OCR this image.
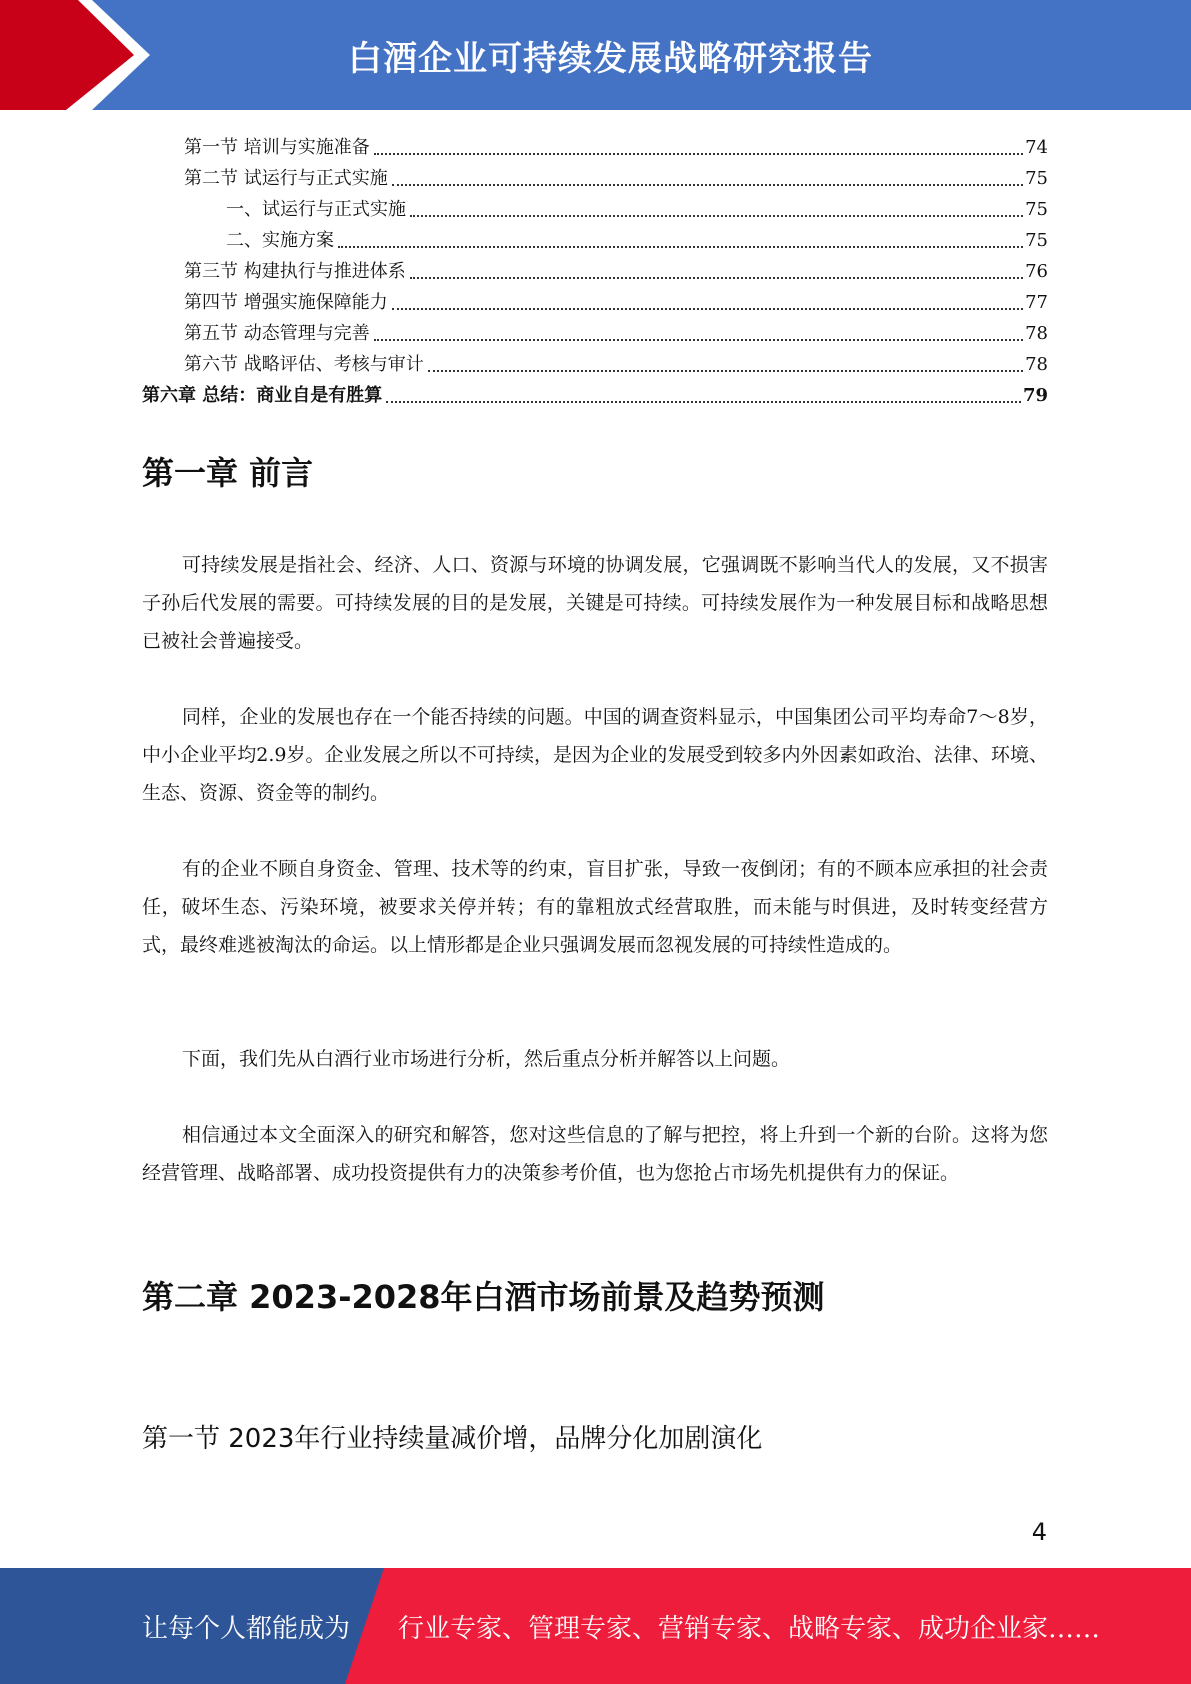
白酒企业可持续发展战略研究报告
第一节 培训与实施准备	74
第二节 试运行与正式实施	75
一、试运行与正式实施	75
二、实施方案	75
第三节 构建执行与推进体系	76
第四节 增强实施保障能力	77
第五节 动态管理与完善	78
第六节 战略评估、考核与审计	78
第六章 总结：商业自是有胜算	79
第一章 前言

可持续发展是指社会、经济、人口、资源与环境的协调发展，它强调既不影响当代人的发展，又不损害子孙后代发展的需要。可持续发展的目的是发展，关键是可持续。可持续发展作为一种发展目标和战略思想已被社会普遍接受。

同样，企业的发展也存在一个能否持续的问题。中国的调查资料显示，中国集团公司平均寿命7～8岁，中小企业平均2.9岁。企业发展之所以不可持续，是因为企业的发展受到较多内外因素如政治、法律、环境、生态、资源、资金等的制约。

有的企业不顾自身资金、管理、技术等的约束，盲目扩张，导致一夜倒闭；有的不顾本应承担的社会责任，破坏生态、污染环境，被要求关停并转；有的靠粗放式经营取胜，而未能与时俱进，及时转变经营方式，最终难逃被淘汰的命运。以上情形都是企业只强调发展而忽视发展的可持续性造成的。

下面，我们先从白酒行业市场进行分析，然后重点分析并解答以上问题。

相信通过本文全面深入的研究和解答，您对这些信息的了解与把控，将上升到一个新的台阶。这将为您经营管理、战略部署、成功投资提供有力的决策参考价值，也为您抢占市场先机提供有力的保证。

第二章 2023-2028年白酒市场前景及趋势预测
第一节 2023年行业持续量减价增，品牌分化加剧演化
4
让每个人都能成为 行业专家、管理专家、营销专家、战略专家、成功企业家……
